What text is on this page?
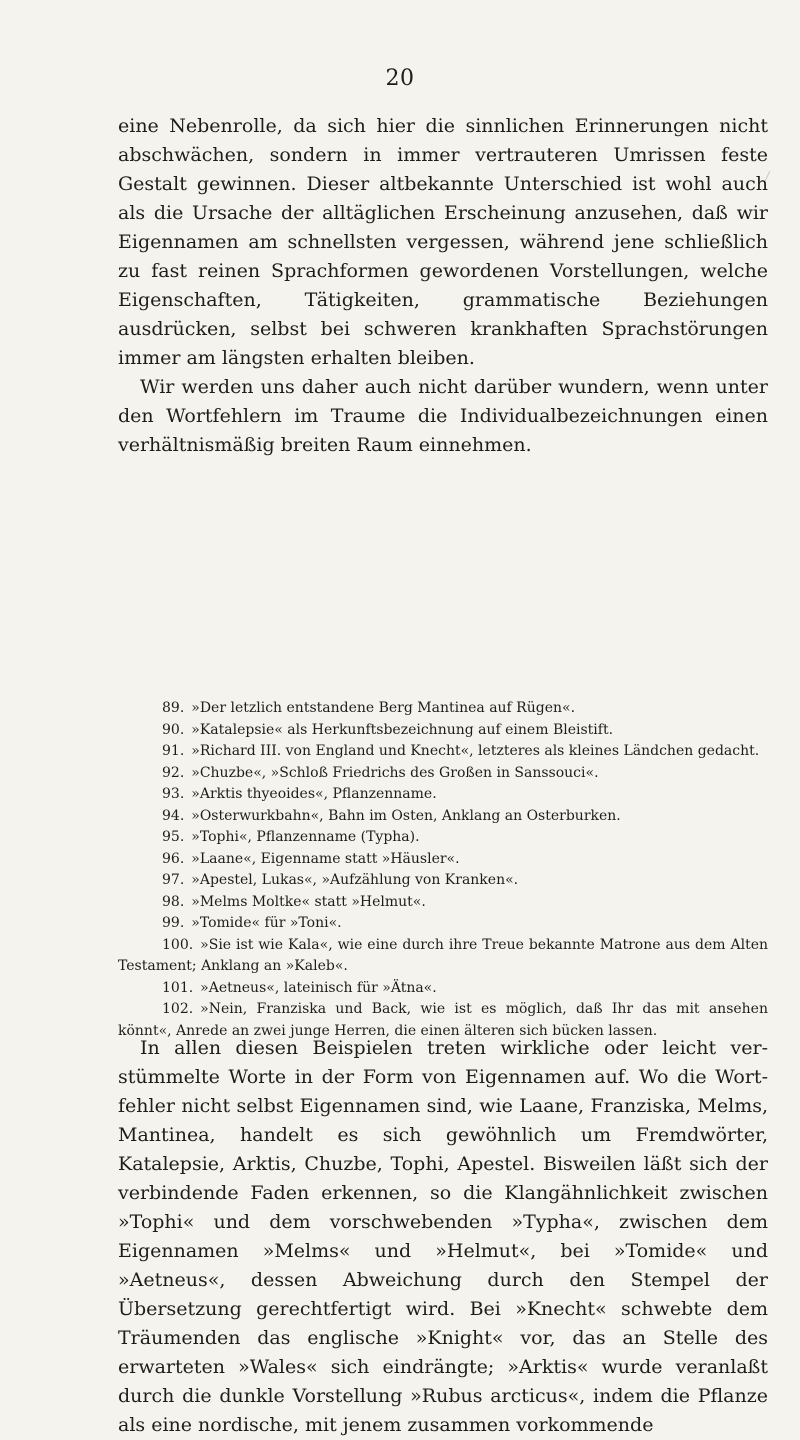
20

eine Nebenrolle, da sich hier die sinnlichen Erinnerungen nicht abschwächen, sondern in immer vertrauteren Umrissen feste Gestalt gewinnen. Dieser altbekannte Unterschied ist wohl auch als die Ursache der alltäglichen Erscheinung anzusehen, daß wir Eigennamen am schnellsten vergessen, während jene schließlich zu fast reinen Sprachformen gewordenen Vorstellungen, welche Eigenschaften, Tätigkeiten, grammatische Beziehungen ausdrücken, selbst bei schweren krankhaften Sprachstörungen immer am längsten erhalten bleiben.

Wir werden uns daher auch nicht darüber wundern, wenn unter den Wortfehlern im Traume die Individualbezeichnungen einen verhältnismäßig breiten Raum einnehmen.

89. »Der letzlich entstandene Berg Mantinea auf Rügen«.

90. »Katalepsie« als Herkunftsbezeichnung auf einem Bleistift.

91. »Richard III. von England und Knecht«, letzteres als kleines Ländchen gedacht.

92. »Chuzbe«, »Schloß Friedrichs des Großen in Sanssouci«.

93. »Arktis thyeoides«, Pflanzenname.

94. »Osterwurkbahn«, Bahn im Osten, Anklang an Osterburken.

95. »Tophi«, Pflanzenname (Typha).

96. »Laane«, Eigenname statt »Häusler«.

97. »Apestel, Lukas«, »Aufzählung von Kranken«.

98. »Melms Moltke« statt »Helmut«.

99. »Tomide« für »Toni«.

100. »Sie ist wie Kala«, wie eine durch ihre Treue bekannte Matrone aus dem Alten Testament; Anklang an »Kaleb«.

101. »Aetneus«, lateinisch für »Ätna«.

102. »Nein, Franziska und Back, wie ist es möglich, daß Ihr das mit ansehen könnt«, Anrede an zwei junge Herren, die einen älteren sich bücken lassen.

In allen diesen Beispielen treten wirkliche oder leicht verstümmelte Worte in der Form von Eigennamen auf. Wo die Wortfehler nicht selbst Eigennamen sind, wie Laane, Franziska, Melms, Mantinea, handelt es sich gewöhnlich um Fremdwörter, Katalepsie, Arktis, Chuzbe, Tophi, Apestel. Bisweilen läßt sich der verbindende Faden erkennen, so die Klangähnlichkeit zwischen »Tophi« und dem vorschwebenden »Typha«, zwischen dem Eigennamen »Melms« und »Helmut«, bei »Tomide« und »Aetneus«, dessen Abweichung durch den Stempel der Übersetzung gerechtfertigt wird. Bei »Knecht« schwebte dem Träumenden das englische »Knight« vor, das an Stelle des erwarteten »Wales« sich eindrängte; »Arktis« wurde veranlaßt durch die dunkle Vorstellung »Rubus arcticus«, indem die Pflanze als eine nordische, mit jenem zusammen vorkommende
